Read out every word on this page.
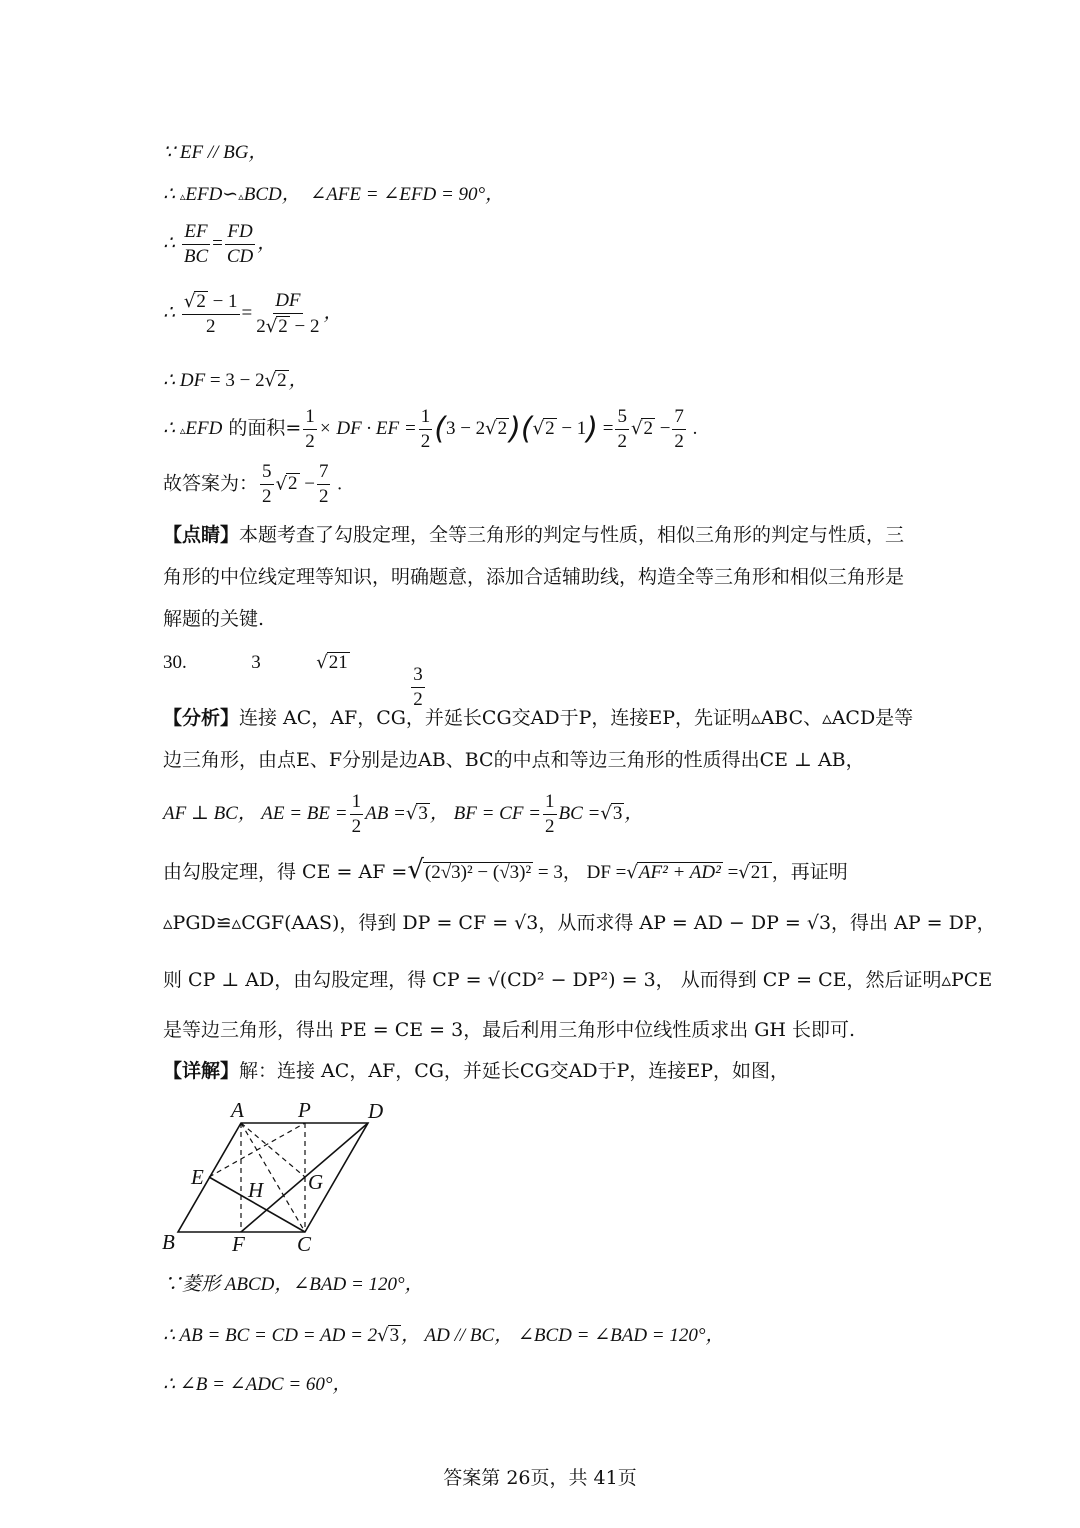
∵ EF // BG，
∴ ▵EFD∽▵BCD， ∠AFE = ∠EFD = 90°，
∴ $\frac{EF}{BC} = \frac{FD}{CD}$ ，
∴ $\frac{√2 - 1}{2} = \frac{DF}{2√2 - 2}$ ，
∴ DF = 3 − 2√2 ，
∴ ▵EFD 的面积= $\frac{1}{2}$ × DF · EF = $\frac{1}{2} (3 - 2√2)(√2 - 1) = \frac{5}{2} √2 - \frac{7}{2}$ .
故答案为： $\frac{5}{2} √2 - \frac{7}{2}$ .
【点睛】本题考查了勾股定理，全等三角形的判定与性质，相似三角形的判定与性质，三角形的中位线定理等知识，明确题意，添加合适辅助线，构造全等三角形和相似三角形是解题的关键.
30.	3	√21
$\frac{3}{2}$
【分析】连接 AC，AF，CG，并延长CG交AD于P，连接EP，先证明▵ABC、▵ACD是等边三角形，由点E、F分别是边AB、BC的中点和等边三角形的性质得出CE ⊥ AB，
AF ⊥ BC， AE = BE = $\frac{1}{2}$ AB =√3 ， BF = CF = $\frac{1}{2}$ BC =√3 ，
由勾股定理，得 CE = AF =√(2√3)² − (√3)² = 3， DF =√AF² + AD² =√21 ，再证明
▵PGD≌▵CGF(AAS)，得到 DP = CF = √3，从而求得 AP = AD − DP = √3，得出 AP = DP，
则 CP ⊥ AD，由勾股定理，得 CP = √(CD² − DP²) = 3， 从而得到 CP = CE，然后证明▵PCE
是等边三角形，得出 PE = CE = 3，最后利用三角形中位线性质求出 GH 长即可.
【详解】解：连接 AC，AF，CG，并延长CG交AD于P，连接EP，如图，
A	P	D
E
H G
B	F C
∵菱形 ABCD，∠BAD = 120°，
∴ AB = BC = CD = AD = 2√3 ， AD // BC， ∠BCD = ∠BAD = 120°，
∴ ∠B = ∠ADC = 60°，
答案第 26页，共 41页
